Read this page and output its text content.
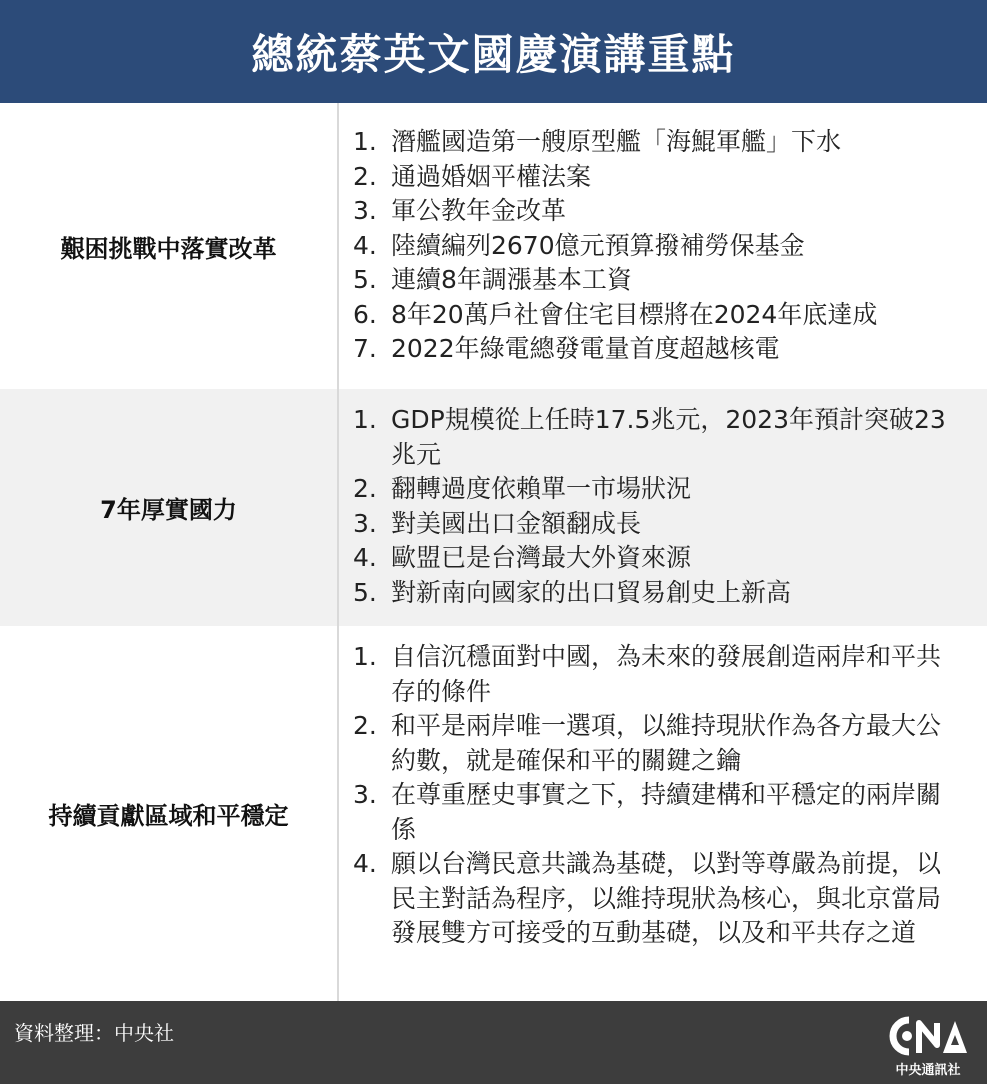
總統蔡英文國慶演講重點
艱困挑戰中落實改革
1. 潛艦國造第一艘原型艦「海鯤軍艦」下水
2. 通過婚姻平權法案
3. 軍公教年金改革
4. 陸續編列2670億元預算撥補勞保基金
5. 連續8年調漲基本工資
6. 8年20萬戶社會住宅目標將在2024年底達成
7. 2022年綠電總發電量首度超越核電
7年厚實國力
1. GDP規模從上任時17.5兆元，2023年預計突破23兆元
2. 翻轉過度依賴單一市場狀況
3. 對美國出口金額翻成長
4. 歐盟已是台灣最大外資來源
5. 對新南向國家的出口貿易創史上新高
持續貢獻區域和平穩定
1. 自信沉穩面對中國，為未來的發展創造兩岸和平共存的條件
2. 和平是兩岸唯一選項，以維持現狀作為各方最大公約數，就是確保和平的關鍵之鑰
3. 在尊重歷史事實之下，持續建構和平穩定的兩岸關係
4. 願以台灣民意共識為基礎，以對等尊嚴為前提，以民主對話為程序，以維持現狀為核心，與北京當局發展雙方可接受的互動基礎，以及和平共存之道
資料整理：中央社
中央通訊社
